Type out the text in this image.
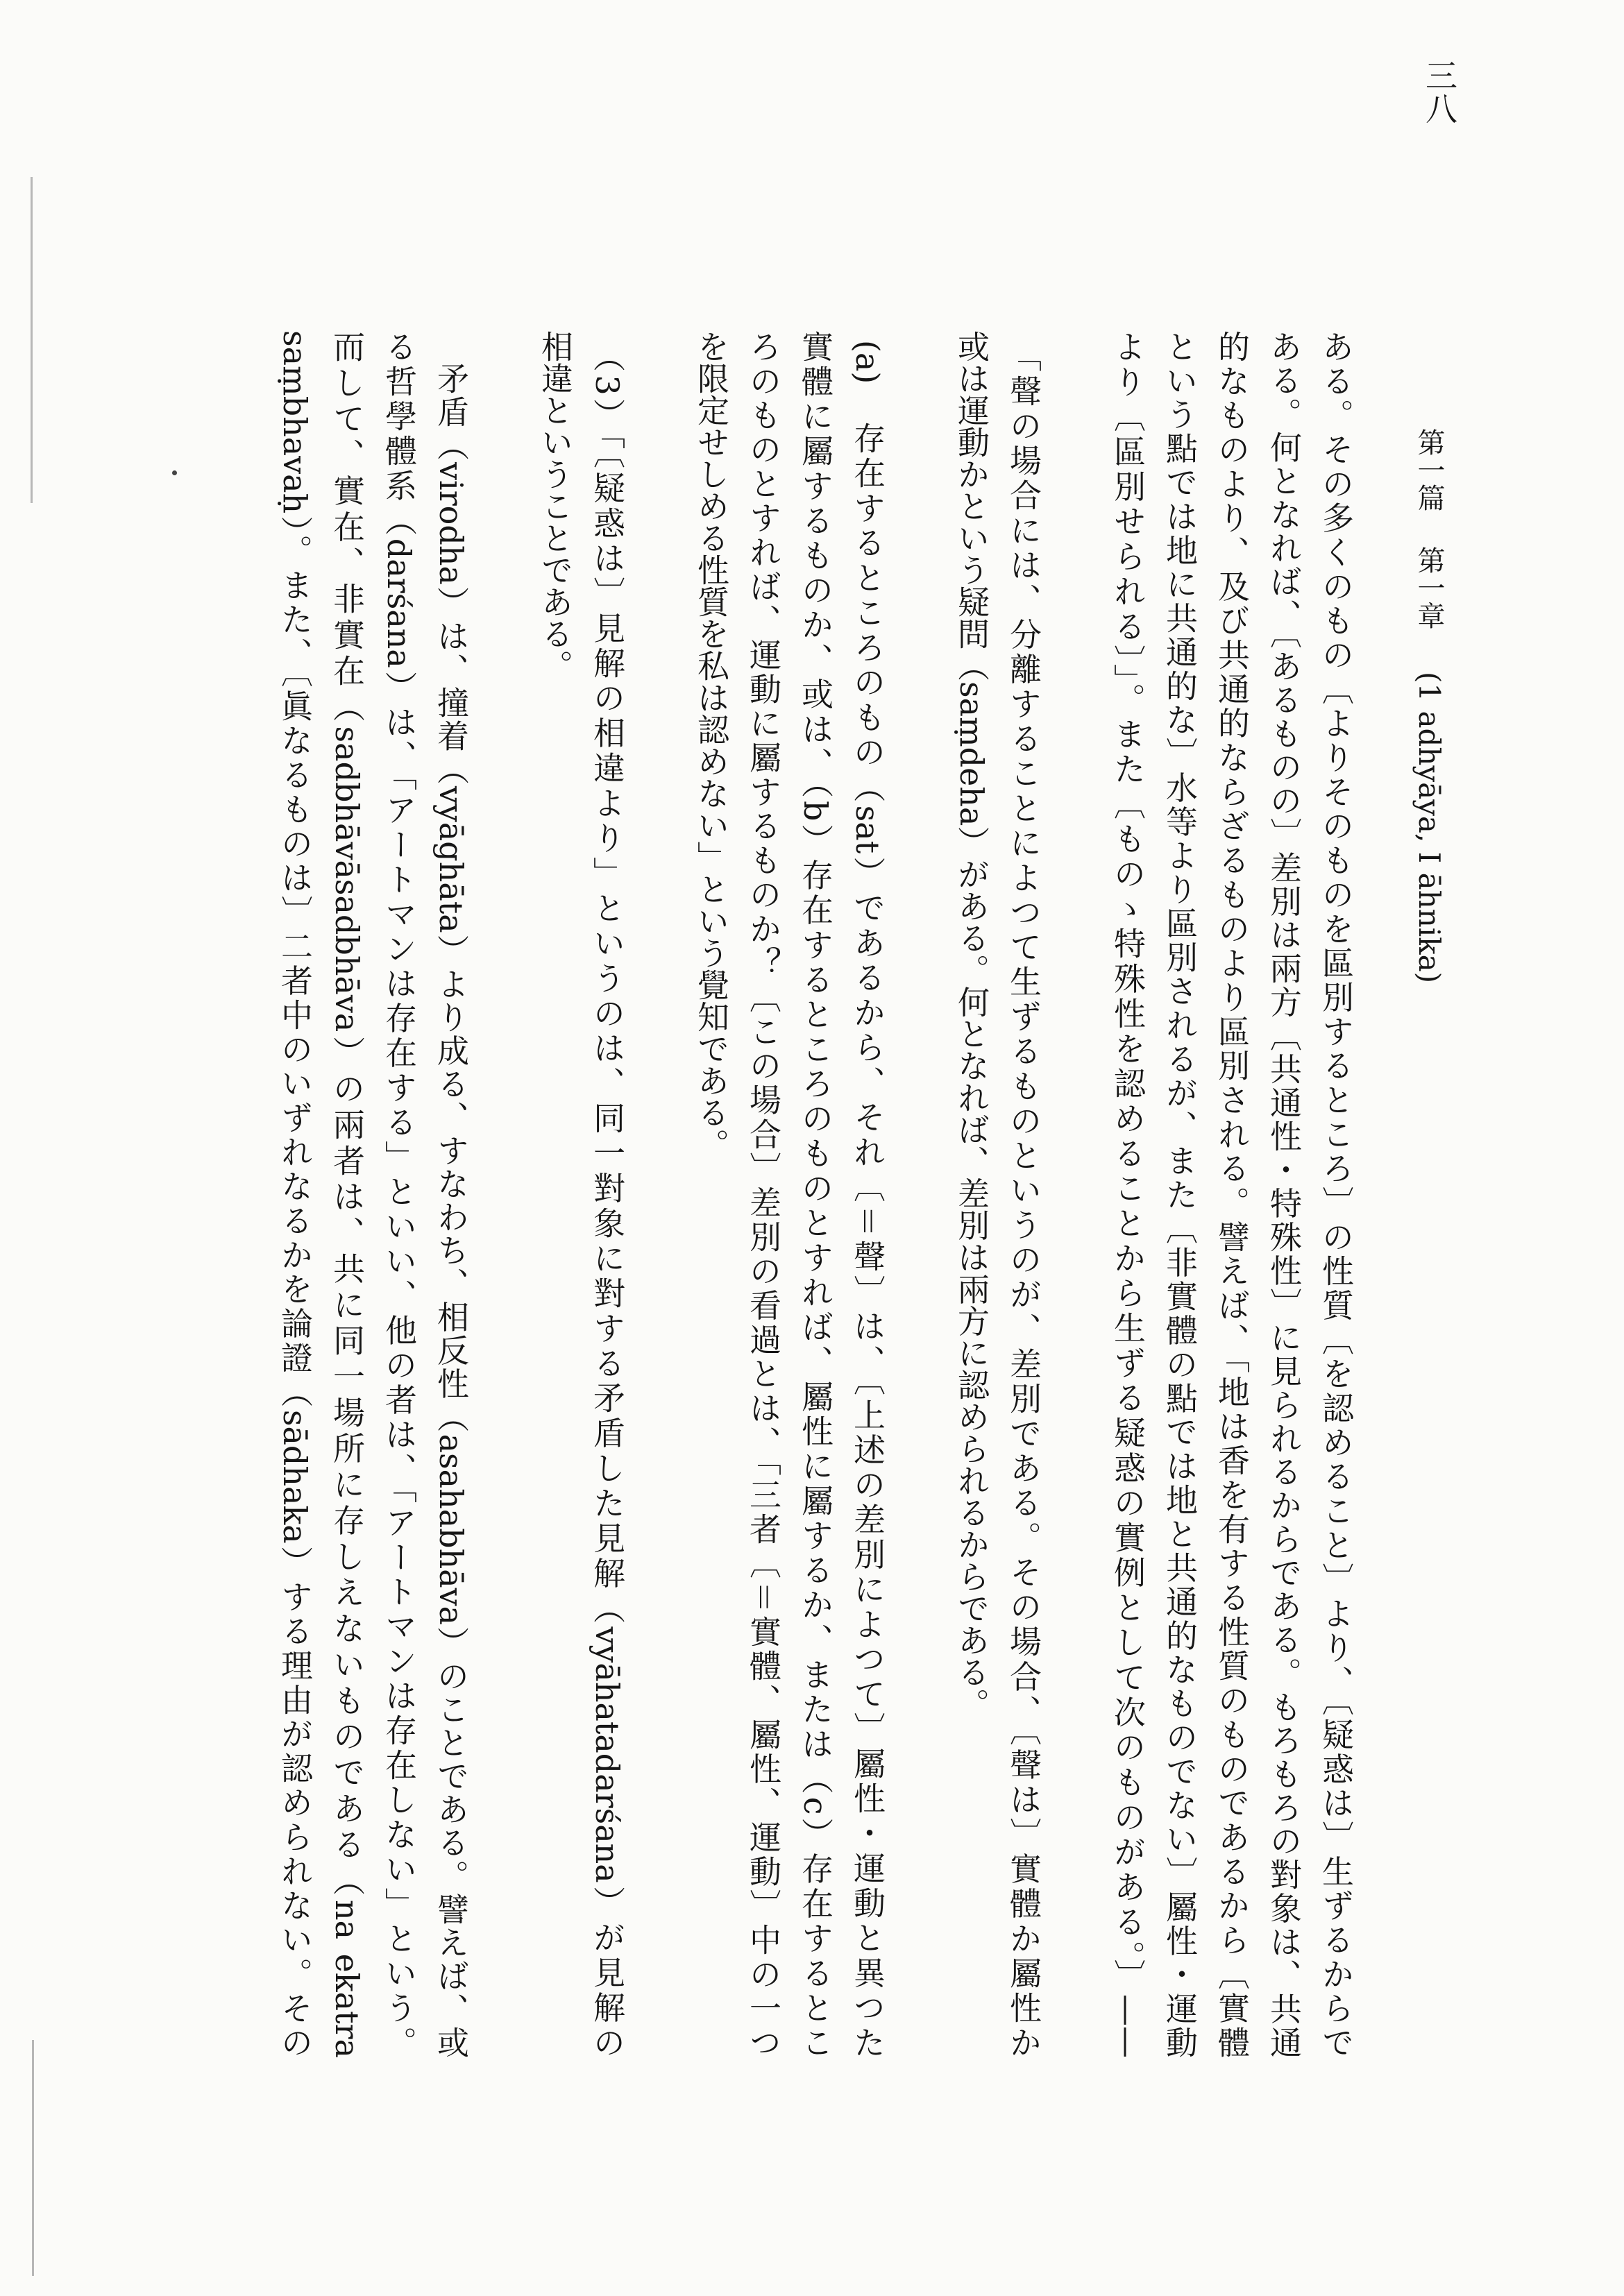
三八
第一篇
第一章
(1 adhyāya, I āhnika)
ある。その多くのもの〔よりそのものを區別するところ〕の性質〔を認めること〕より、〔疑惑は〕生ずるからで
ある。何となれば、〔あるものの〕差別は兩方〔共通性・特殊性〕に見られるからである。もろもろの對象は、共通
的なものより、及び共通的ならざるものより區別される。譬えば、「地は香を有する性質のものであるから〔實體
という點では地に共通的な〕水等より區別されるが、また〔非實體の點では地と共通的なものでない〕屬性・運動
より〔區別せられる〕」。また〔ものゝ特殊性を認めることから生ずる疑惑の實例として次のものがある。〕——
「聲の場合には、分離することによつて生ずるものというのが、差別である。その場合、〔聲は〕實體か屬性か
或は運動かという疑問（saṃdeha）がある。何となれば、差別は兩方に認められるからである。
(a)　存在するところのもの（sat）であるから、それ〔＝聲〕は、〔上述の差別によつて〕屬性・運動と異つた
實體に屬するものか、或は、（b）存在するところのものとすれば、屬性に屬するか、または（c）存在するとこ
ろのものとすれば、運動に屬するものか？〔この場合〕差別の看過とは、「三者〔＝實體、屬性、運動〕中の一つ
を限定せしめる性質を私は認めない」という覺知である。
（3）「〔疑惑は〕見解の相違より」というのは、同一對象に對する矛盾した見解（vyāhatadarśana）が見解の
相違ということである。
矛盾（virodha）は、撞着（vyāghāta）より成る、すなわち、相反性（asahabhāva）のことである。譬えば、或
る哲學體系（darśana）は、「アートマンは存在する」といい、他の者は、「アートマンは存在しない」という。
而して、實在、非實在（sadbhāvāsadbhāva）の兩者は、共に同一場所に存しえないものである（na ekatra
saṃbhavaḥ）。また、〔眞なるものは〕二者中のいずれなるかを論證（sādhaka）する理由が認められない。その
